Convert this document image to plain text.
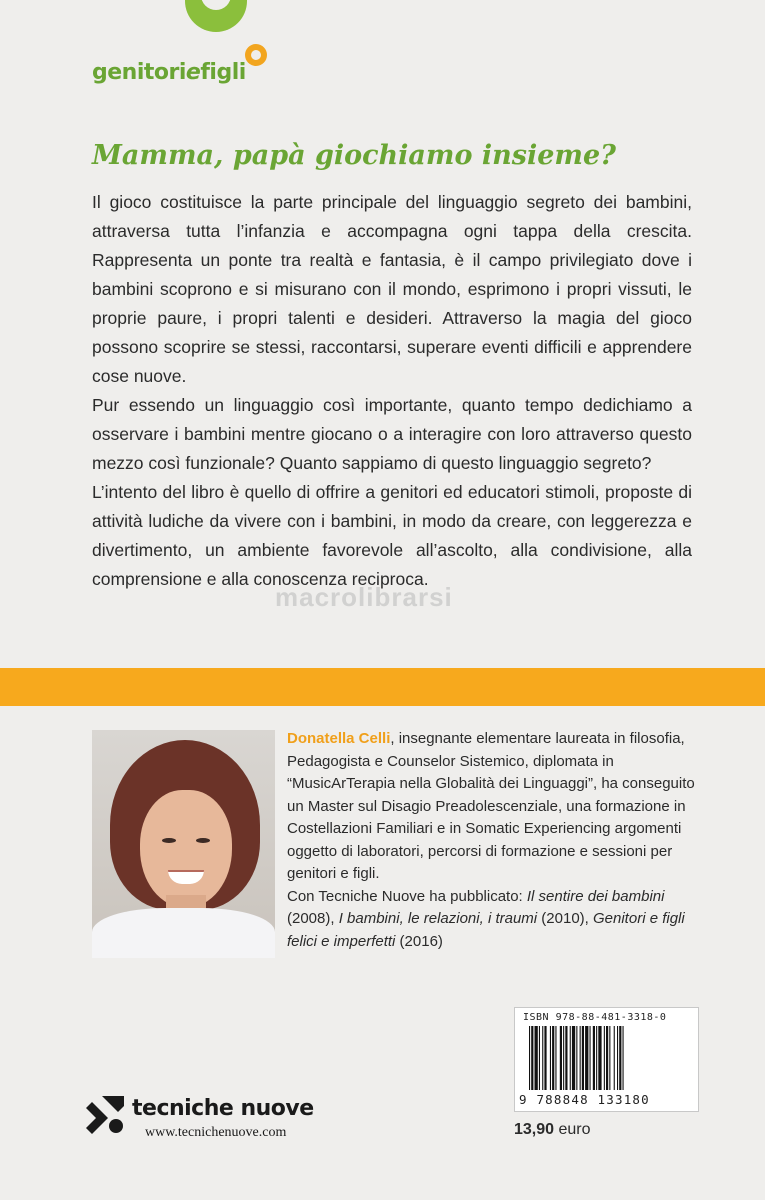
genitoriefigli
Mamma, papà giochiamo insieme?

Il gioco costituisce la parte principale del linguaggio segreto dei bambini, attraversa tutta l’infanzia e accompagna ogni tappa della crescita. Rappresenta un ponte tra realtà e fantasia, è il campo privilegiato dove i bambini scoprono e si misurano con il mondo, esprimono i propri vissuti, le proprie paure, i propri talenti e desideri. Attraverso la magia del gioco possono scoprire se stessi, raccontarsi, superare eventi difficili e apprendere cose nuove.

Pur essendo un linguaggio così importante, quanto tempo dedichiamo a osservare i bambini mentre giocano o a interagire con loro attraverso questo mezzo così funzionale? Quanto sappiamo di questo linguaggio segreto?

L’intento del libro è quello di offrire a genitori ed educatori stimoli, proposte di attività ludiche da vivere con i bambini, in modo da creare, con leggerezza e divertimento, un ambiente favorevole all’ascolto, alla condivisione, alla comprensione e alla conoscenza reciproca.

macrolibrarsi
Donatella Celli, insegnante elementare laureata in filosofia, Pedagogista e Counselor Sistemico, diplomata in “MusicArTerapia nella Globalità dei Linguaggi”, ha conseguito un Master sul Disagio Preadolescenziale, una formazione in Costellazioni Familiari e in Somatic Experiencing argomenti oggetto di laboratori, percorsi di formazione e sessioni per genitori e figli.
Con Tecniche Nuove ha pubblicato: Il sentire dei bambini (2008), I bambini, le relazioni, i traumi (2010), Genitori e figli felici e imperfetti (2016)
ISBN 978-88-481-3318-0
9 788848 133180
13,90 euro
tecniche nuove
www.tecnichenuove.com
